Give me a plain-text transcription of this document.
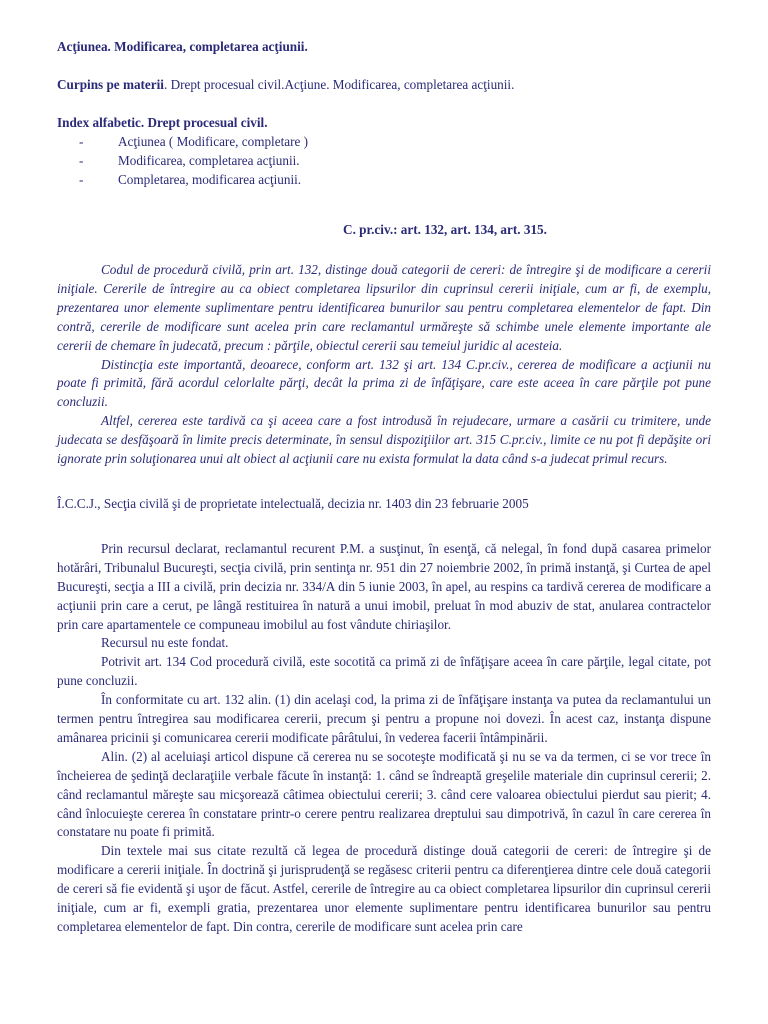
Acţiunea. Modificarea, completarea acţiunii.

Curpins pe materii. Drept procesual civil.Acţiune. Modificarea, completarea acţiunii.

Index alfabetic. Drept procesual civil.

-	Acţiunea ( Modificare, completare )
-	Modificarea, completarea acţiunii.
-	Completarea, modificarea acţiunii.

C. pr.civ.: art. 132, art. 134, art. 315.

Codul de procedură civilă, prin art. 132, distinge două categorii de cereri: de întregire şi de modificare a cererii iniţiale. Cererile de întregire au ca obiect completarea lipsurilor din cuprinsul cererii iniţiale, cum ar fi, de exemplu, prezentarea unor elemente suplimentare pentru identificarea bunurilor sau pentru completarea elementelor de fapt. Din contră, cererile de modificare sunt acelea prin care reclamantul urmăreşte să schimbe unele elemente importante ale cererii de chemare în judecată, precum : părţile, obiectul cererii sau temeiul juridic al acesteia.

Distincţia este importantă, deoarece, conform art. 132 şi art. 134 C.pr.civ., cererea de modificare a acţiunii nu poate fi primită, fără acordul celorlalte părţi, decât la prima zi de înfăţişare, care este aceea în care părţile pot pune concluzii.

Altfel, cererea este tardivă ca şi aceea care a fost introdusă în rejudecare, urmare a casării cu trimitere, unde judecata se desfăşoară în limite precis determinate, în sensul dispoziţiilor art. 315 C.pr.civ., limite ce nu pot fi depăşite ori ignorate prin soluţionarea unui alt obiect al acţiunii care nu exista formulat la data când s-a judecat primul recurs.

Î.C.C.J., Secţia civilă şi de proprietate intelectuală, decizia nr. 1403 din 23 februarie 2005

Prin recursul declarat, reclamantul recurent P.M. a susţinut, în esenţă, că nelegal, în fond după casarea primelor hotărâri, Tribunalul Bucureşti, secţia civilă, prin sentinţa nr. 951 din 27 noiembrie 2002, în primă instanţă, şi Curtea de apel Bucureşti, secţia a III a civilă, prin decizia nr. 334/A din 5 iunie 2003, în apel, au respins ca tardivă cererea de modificare a acţiunii prin care a cerut, pe lângă restituirea în natură a unui imobil, preluat în mod abuziv de stat, anularea contractelor prin care apartamentele ce compuneau imobilul au fost vândute chiriaşilor.

Recursul nu este fondat.

Potrivit art. 134 Cod procedură civilă, este socotită ca primă zi de înfăţişare aceea în care părţile, legal citate, pot pune concluzii.

În conformitate cu art. 132 alin. (1) din acelaşi cod, la prima zi de înfăţişare instanţa va putea da reclamantului un termen pentru întregirea sau modificarea cererii, precum şi pentru a propune noi dovezi. În acest caz, instanţa dispune amânarea pricinii şi comunicarea cererii modificate pârâtului, în vederea facerii întâmpinării.

Alin. (2) al aceluiaşi articol dispune că cererea nu se socoteşte modificată şi nu se va da termen, ci se vor trece în încheierea de şedinţă declaraţiile verbale făcute în instanţă: 1. când se îndreaptă greşelile materiale din cuprinsul cererii; 2. când reclamantul măreşte sau micşorează câtimea obiectului cererii; 3. când cere valoarea obiectului pierdut sau pierit; 4. când înlocuieşte cererea în constatare printr-o cerere pentru realizarea dreptului sau dimpotrivă, în cazul în care cererea în constatare nu poate fi primită.

Din textele mai sus citate rezultă că legea de procedură distinge două categorii de cereri: de întregire şi de modificare a cererii iniţiale. În doctrină şi jurisprudenţă se regăsesc criterii pentru ca diferenţierea dintre cele două categorii de cereri să fie evidentă şi uşor de făcut. Astfel, cererile de întregire au ca obiect completarea lipsurilor din cuprinsul cererii iniţiale, cum ar fi, exempli gratia, prezentarea unor elemente suplimentare pentru identificarea bunurilor sau pentru completarea elementelor de fapt. Din contra, cererile de modificare sunt acelea prin care
